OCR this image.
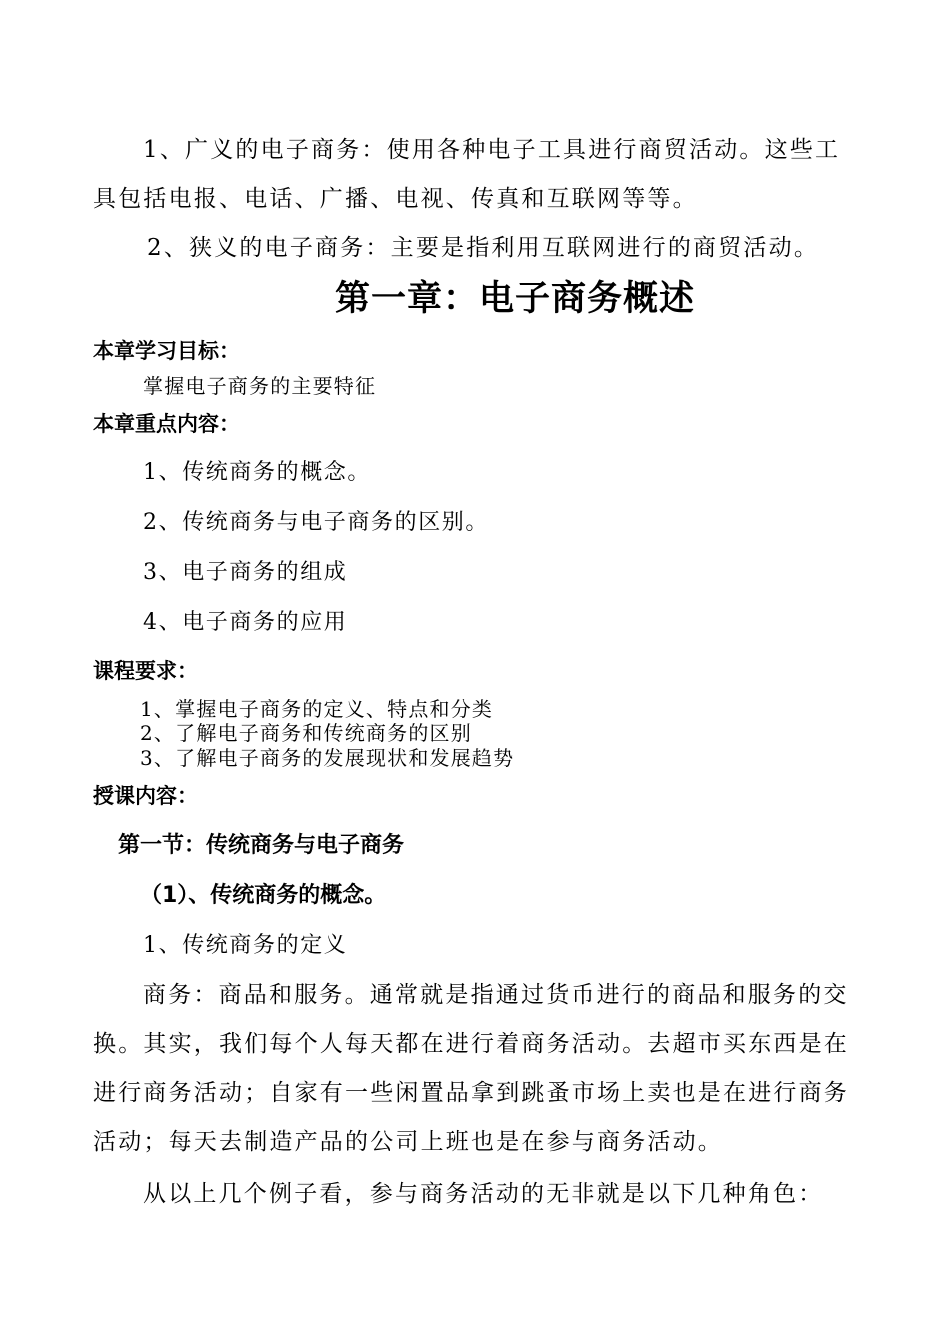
1、广义的电子商务：使用各种电子工具进行商贸活动。这些工
具包括电报、电话、广播、电视、传真和互联网等等。
2、狭义的电子商务：主要是指利用互联网进行的商贸活动。
第一章：电子商务概述
本章学习目标：
掌握电子商务的主要特征
本章重点内容：
1、传统商务的概念。
2、传统商务与电子商务的区别。
3、电子商务的组成
4、电子商务的应用
课程要求：
1、掌握电子商务的定义、特点和分类
2、了解电子商务和传统商务的区别
3、了解电子商务的发展现状和发展趋势
授课内容：
第一节：传统商务与电子商务
（1）、传统商务的概念。
1、传统商务的定义
商务：商品和服务。通常就是指通过货币进行的商品和服务的交
换。其实，我们每个人每天都在进行着商务活动。去超市买东西是在
进行商务活动；自家有一些闲置品拿到跳蚤市场上卖也是在进行商务
活动；每天去制造产品的公司上班也是在参与商务活动。
从以上几个例子看，参与商务活动的无非就是以下几种角色：
